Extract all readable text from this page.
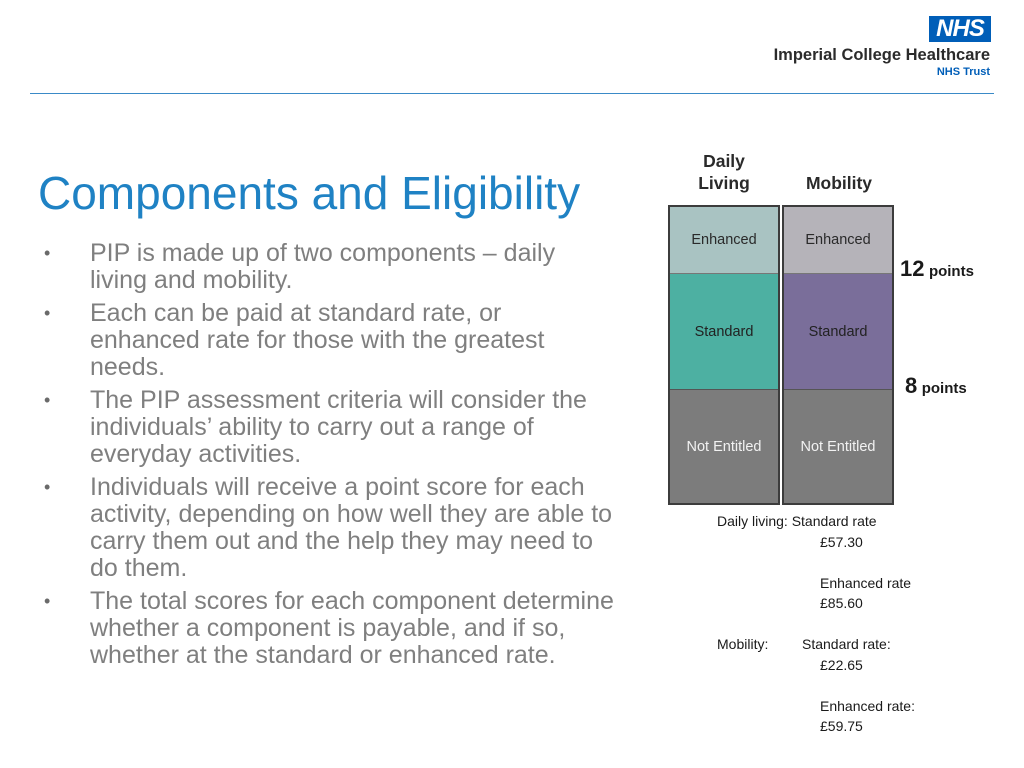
NHS
Imperial College Healthcare
NHS Trust
Components and Eligibility
• PIP is made up of two components – daily
living and mobility.
• Each can be paid at standard rate, or
enhanced rate for those with the greatest
needs.
• The PIP assessment criteria will consider the
individuals’ ability to carry out a range of
everyday activities.
• Individuals will receive a point score for each
activity, depending on how well they are able to
carry them out and the help they may need to
do them.
• The total scores for each component determine
whether a component is payable, and if so,
whether at the standard or enhanced rate.
Daily
Living	Mobility
Enhanced
Standard
Not Entitled
Enhanced
Standard
Not Entitled
12 points
8 points
Daily living: Standard rate
£57.30
Enhanced rate
£85.60
Mobility: Standard rate:
£22.65
Enhanced rate:
£59.75
